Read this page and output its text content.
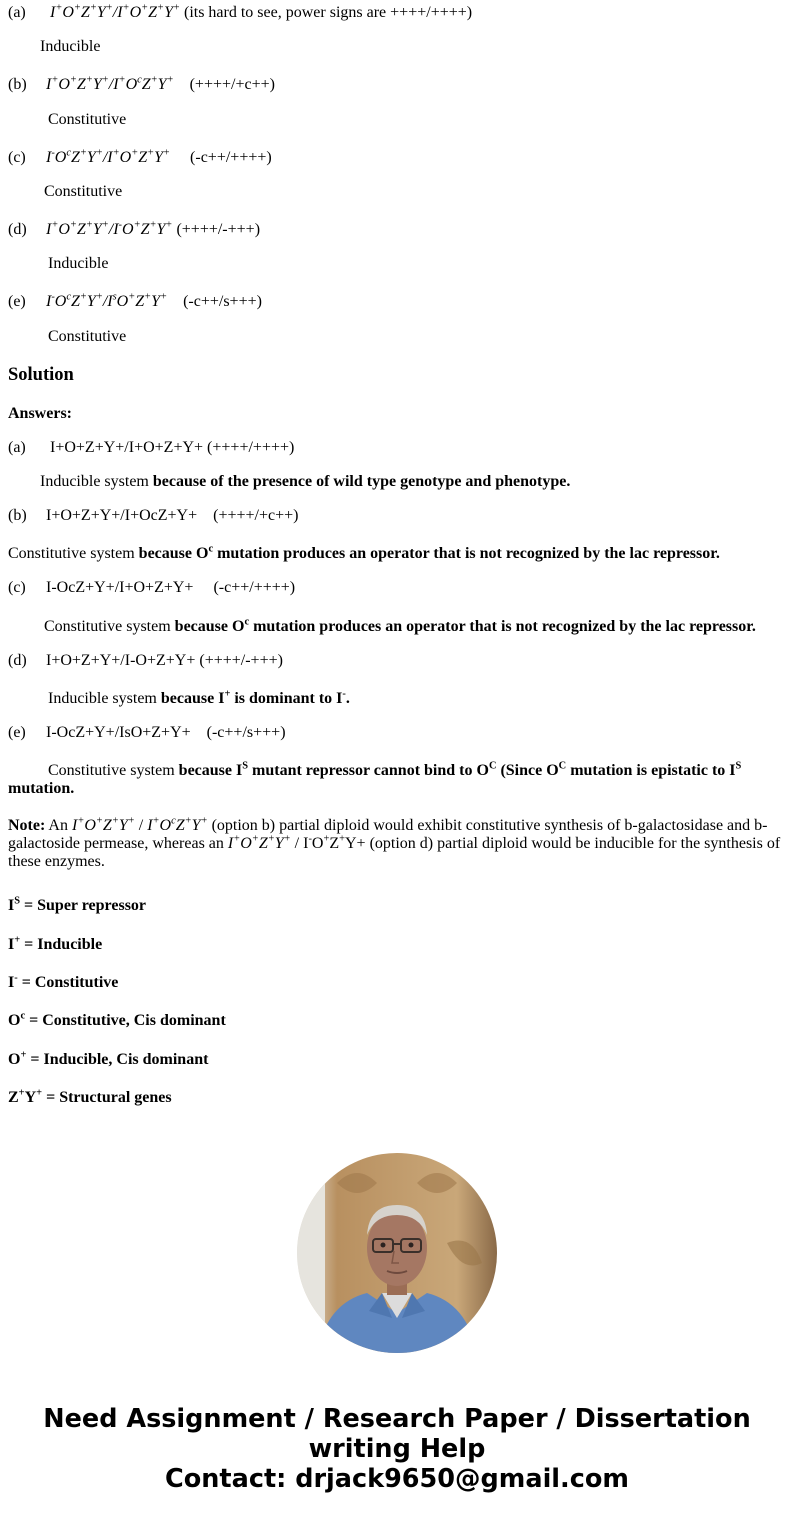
(a) I+O+Z+Y+/I+O+Z+Y+ (its hard to see, power signs are ++++/++++)
Inducible
(b) $I^+O^+Z^+Y^+/I^+O^cZ^+Y^+$    (++++/+c++)
Constitutive
(c) $I^-O^cZ^+Y^+/I^+O^+Z^+Y^+$     (-c++/++++)
Constitutive
(d) I+O+Z+Y+/I-O+Z+Y+ (++++/-+++)
Inducible
(e) $I^-O^cZ^+Y^+/I^sO^+Z^+Y^+$    (-c++/s+++)
Constitutive
Solution
Answers:
(a) I+O+Z+Y+/I+O+Z+Y+ (++++/++++)
Inducible system because of the presence of wild type genotype and phenotype.
(b) I+O+Z+Y+/I+OcZ+Y+    (++++/+c++)
Constitutive system because $O^c$ mutation produces an operator that is not recognized by the lac repressor.
(c) I-OcZ+Y+/I+O+Z+Y+     (-c++/++++)
Constitutive system because $O^c$ mutation produces an operator that is not recognized by the lac repressor.
(d) I+O+Z+Y+/I-O+Z+Y+ (++++/-+++)
Inducible system because I+ is dominant to I-.
(e) I-OcZ+Y+/IsO+Z+Y+    (-c++/s+++)
Constitutive system because $I^S$ mutant repressor cannot bind to $O^C$ (Since $O^C$ mutation is epistatic to $I^S$
mutation.
Note: An $I^+O^+Z^+Y^+ / I^+O^cZ^+Y^+$ (option b) partial diploid would exhibit constitutive synthesis of b-galactosidase and b-galactoside permease, whereas an I+O+Z+Y+ / I-O+Z+Y+ (option d) partial diploid would be inducible for the synthesis of these enzymes.
$I^S$ = Super repressor
I+ = Inducible
I- = Constitutive
$O^c$ = Constitutive, Cis dominant
O+ = Inducible, Cis dominant
Z+Y+ = Structural genes
Need Assignment / Research Paper / Dissertation
writing Help
Contact: drjack9650@gmail.com
